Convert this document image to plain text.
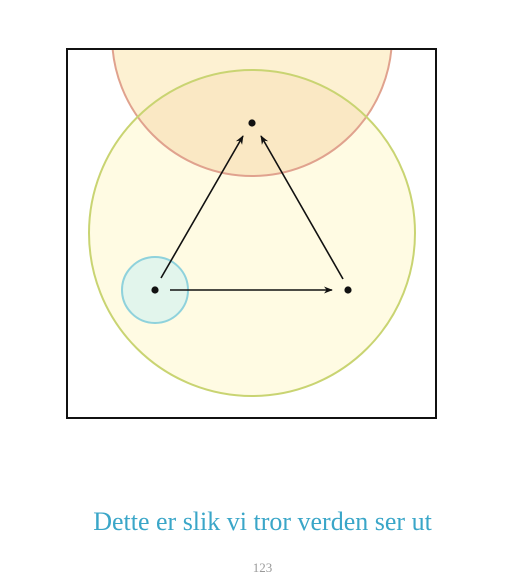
Dette er slik vi tror verden ser ut
123
